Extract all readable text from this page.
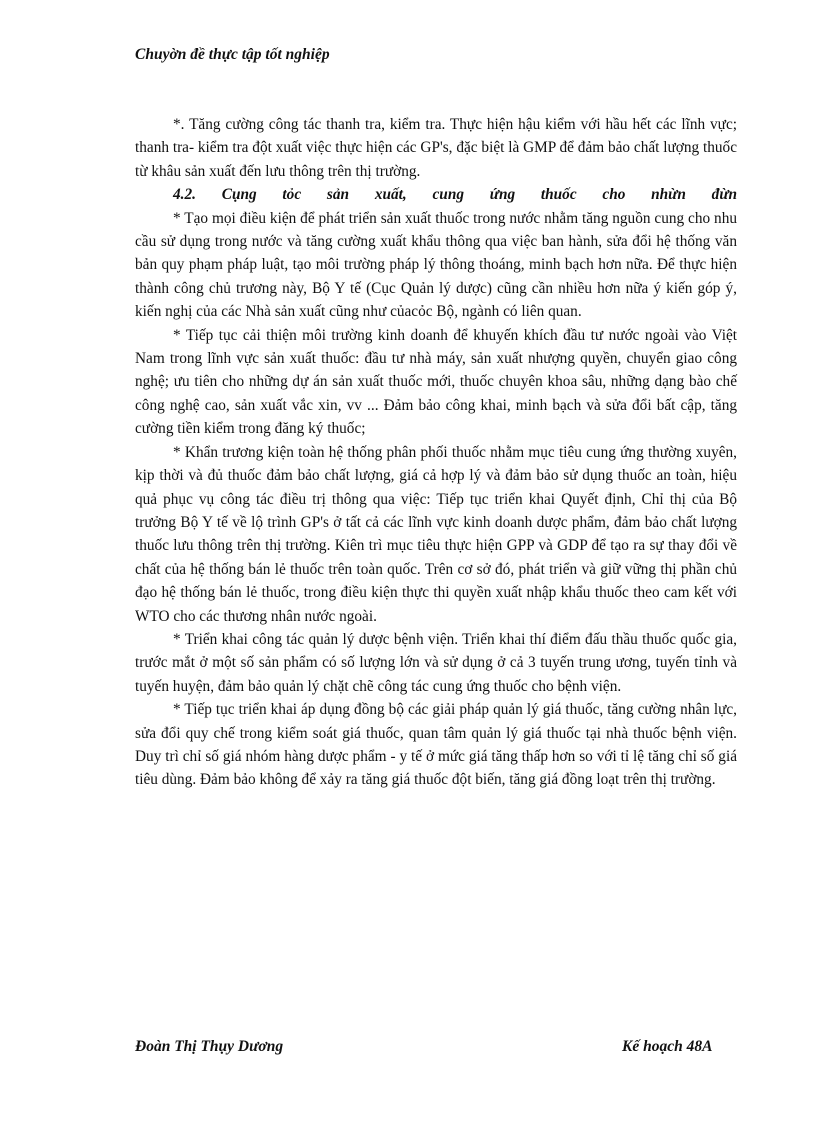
Chuyờn đề thực tập tốt nghiệp

*. Tăng cường công tác thanh tra, kiểm tra. Thực hiện hậu kiểm với hầu hết các lĩnh vực; thanh tra- kiểm tra đột xuất việc thực hiện các GP's, đặc biệt là GMP để đảm bảo chất lượng thuốc từ khâu sản xuất đến lưu thông trên thị trường.

4.2. Cụng tỏc sản xuất, cung ứng thuốc cho nhừn đừn

* Tạo mọi điều kiện để phát triển sản xuất thuốc trong nước nhằm tăng nguồn cung cho nhu cầu sử dụng trong nước và tăng cường xuất khẩu thông qua việc ban hành, sửa đổi hệ thống văn bản quy phạm pháp luật, tạo môi trường pháp lý thông thoáng, minh bạch hơn nữa. Để thực hiện thành công chủ trương này, Bộ Y tế (Cục Quản lý dược) cũng cần nhiều hơn nữa ý kiến góp ý, kiến nghị của các Nhà sản xuất cũng như củacỏc Bộ, ngành có liên quan.

* Tiếp tục cải thiện môi trường kinh doanh để khuyến khích đầu tư nước ngoài vào Việt Nam trong lĩnh vực sản xuất thuốc: đầu tư nhà máy, sản xuất nhượng quyền, chuyển giao công nghệ; ưu tiên cho những dự án sản xuất thuốc mới, thuốc chuyên khoa sâu, những dạng bào chế công nghệ cao, sản xuất vắc xin, vv ... Đảm bảo công khai, minh bạch và sửa đổi bất cập, tăng cường tiền kiểm trong đăng ký thuốc;

* Khẩn trương kiện toàn hệ thống phân phối thuốc nhằm mục tiêu cung ứng thường xuyên, kịp thời và đủ thuốc đảm bảo chất lượng, giá cả hợp lý và đảm bảo sử dụng thuốc an toàn, hiệu quả phục vụ công tác điều trị thông qua việc: Tiếp tục triển khai Quyết định, Chỉ thị của Bộ trưởng Bộ Y tế về lộ trình GP's ở tất cả các lĩnh vực kinh doanh dược phẩm, đảm bảo chất lượng thuốc lưu thông trên thị trường. Kiên trì mục tiêu thực hiện GPP và GDP để tạo ra sự thay đổi về chất của hệ thống bán lẻ thuốc trên toàn quốc. Trên cơ sở đó, phát triển và giữ vững thị phần chủ đạo hệ thống bán lẻ thuốc, trong điều kiện thực thi quyền xuất nhập khẩu thuốc theo cam kết với WTO cho các thương nhân nước ngoài.

* Triển khai công tác quản lý dược bệnh viện. Triển khai thí điểm đấu thầu thuốc quốc gia, trước mắt ở một số sản phẩm có số lượng lớn và sử dụng ở cả 3 tuyến trung ương, tuyến tỉnh và tuyến huyện, đảm bảo quản lý chặt chẽ công tác cung ứng thuốc cho bệnh viện.

* Tiếp tục triển khai áp dụng đồng bộ các giải pháp quản lý giá thuốc, tăng cường nhân lực, sửa đổi quy chế trong kiểm soát giá thuốc, quan tâm quản lý giá thuốc tại nhà thuốc bệnh viện. Duy trì chỉ số giá nhóm hàng dược phẩm - y tế ở mức giá tăng thấp hơn so với tỉ lệ tăng chỉ số giá tiêu dùng. Đảm bảo không để xảy ra tăng giá thuốc đột biến, tăng giá đồng loạt trên thị trường.

Đoàn Thị Thụy Dương	Kế hoạch 48A
